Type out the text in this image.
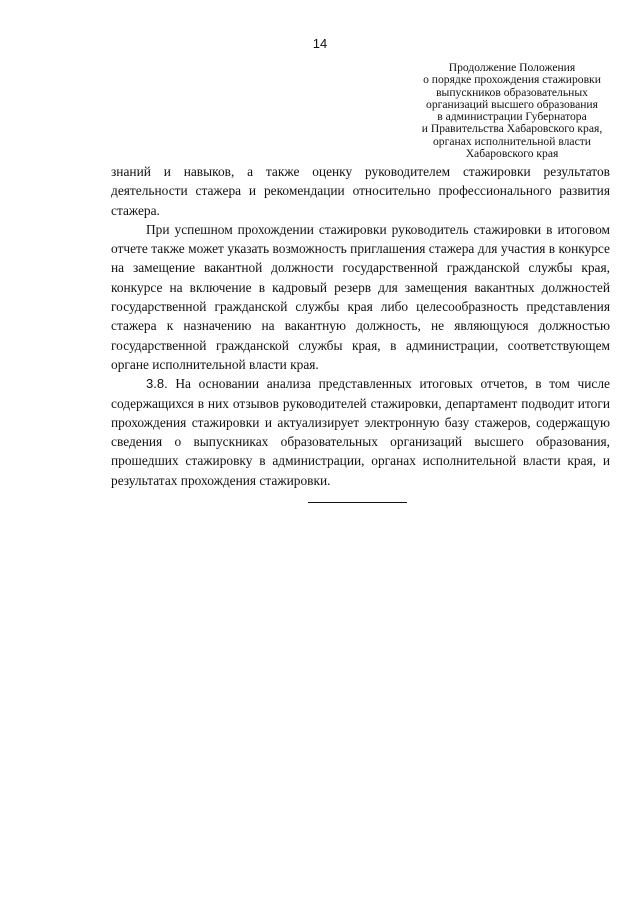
14
Продолжение Положения
о порядке прохождения стажировки
выпускников образовательных
организаций высшего образования
в администрации Губернатора
и Правительства Хабаровского края,
органах исполнительной власти
Хабаровского края

знаний и навыков, а также оценку руководителем стажировки результатов деятельности стажера и рекомендации относительно профессионального развития стажера.

При успешном прохождении стажировки руководитель стажировки в итоговом отчете также может указать возможность приглашения стажера для участия в конкурсе на замещение вакантной должности государственной гражданской службы края, конкурсе на включение в кадровый резерв для замещения вакантных должностей государственной гражданской службы края либо целесообразность представления стажера к назначению на вакантную должность, не являющуюся должностью государственной гражданской службы края, в администрации, соответствующем органе исполнительной власти края.

3.8. На основании анализа представленных итоговых отчетов, в том числе содержащихся в них отзывов руководителей стажировки, департамент подводит итоги прохождения стажировки и актуализирует электронную базу стажеров, содержащую сведения о выпускниках образовательных организаций высшего образования, прошедших стажировку в администрации, органах исполнительной власти края, и результатах прохождения стажировки.
